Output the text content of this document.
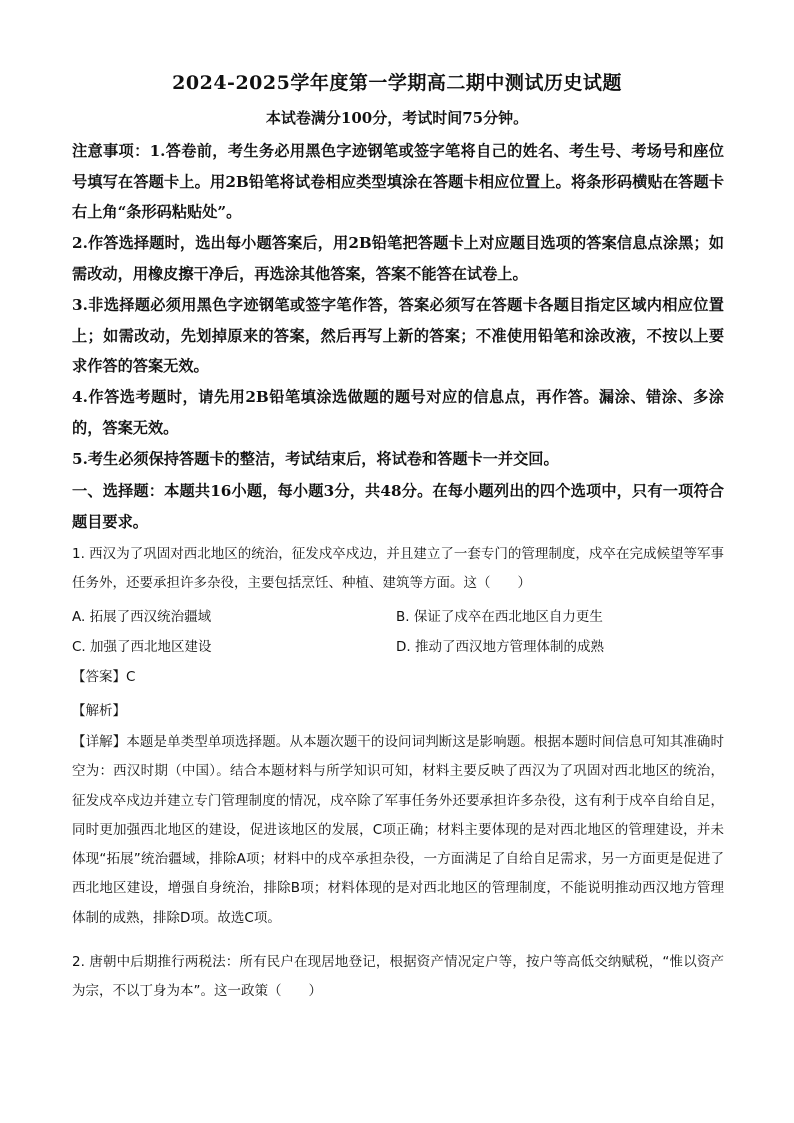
2024-2025学年度第一学期高二期中测试历史试题
本试卷满分100分，考试时间75分钟。
注意事项：1.答卷前，考生务必用黑色字迹钢笔或签字笔将自己的姓名、考生号、考场号和座位号填写在答题卡上。用2B铅笔将试卷相应类型填涂在答题卡相应位置上。将条形码横贴在答题卡右上角“条形码粘贴处”。
2.作答选择题时，选出每小题答案后，用2B铅笔把答题卡上对应题目选项的答案信息点涂黑；如需改动，用橡皮擦干净后，再选涂其他答案，答案不能答在试卷上。
3.非选择题必须用黑色字迹钢笔或签字笔作答，答案必须写在答题卡各题目指定区域内相应位置上；如需改动，先划掉原来的答案，然后再写上新的答案；不准使用铅笔和涂改液，不按以上要求作答的答案无效。
4.作答选考题时，请先用2B铅笔填涂选做题的题号对应的信息点，再作答。漏涂、错涂、多涂的，答案无效。
5.考生必须保持答题卡的整洁，考试结束后，将试卷和答题卡一并交回。
一、选择题：本题共16小题，每小题3分，共48分。在每小题列出的四个选项中，只有一项符合题目要求。
1. 西汉为了巩固对西北地区的统治，征发戍卒戍边，并且建立了一套专门的管理制度，戍卒在完成候望等军事任务外，还要承担许多杂役，主要包括烹饪、种植、建筑等方面。这（　　）
A. 拓展了西汉统治疆域	B. 保证了戍卒在西北地区自力更生
C. 加强了西北地区建设	D. 推动了西汉地方管理体制的成熟
【答案】C
【解析】
【详解】本题是单类型单项选择题。从本题次题干的设问词判断这是影响题。根据本题时间信息可知其准确时空为：西汉时期（中国）。结合本题材料与所学知识可知，材料主要反映了西汉为了巩固对西北地区的统治，征发戍卒戍边并建立专门管理制度的情况，戍卒除了军事任务外还要承担许多杂役，这有利于戍卒自给自足，同时更加强西北地区的建设，促进该地区的发展，C项正确；材料主要体现的是对西北地区的管理建设，并未体现“拓展”统治疆域，排除A项；材料中的戍卒承担杂役，一方面满足了自给自足需求，另一方面更是促进了西北地区建设，增强自身统治，排除B项；材料体现的是对西北地区的管理制度，不能说明推动西汉地方管理体制的成熟，排除D项。故选C项。
2. 唐朝中后期推行两税法：所有民户在现居地登记，根据资产情况定户等，按户等高低交纳赋税，“惟以资产为宗，不以丁身为本”。这一政策（　　）
